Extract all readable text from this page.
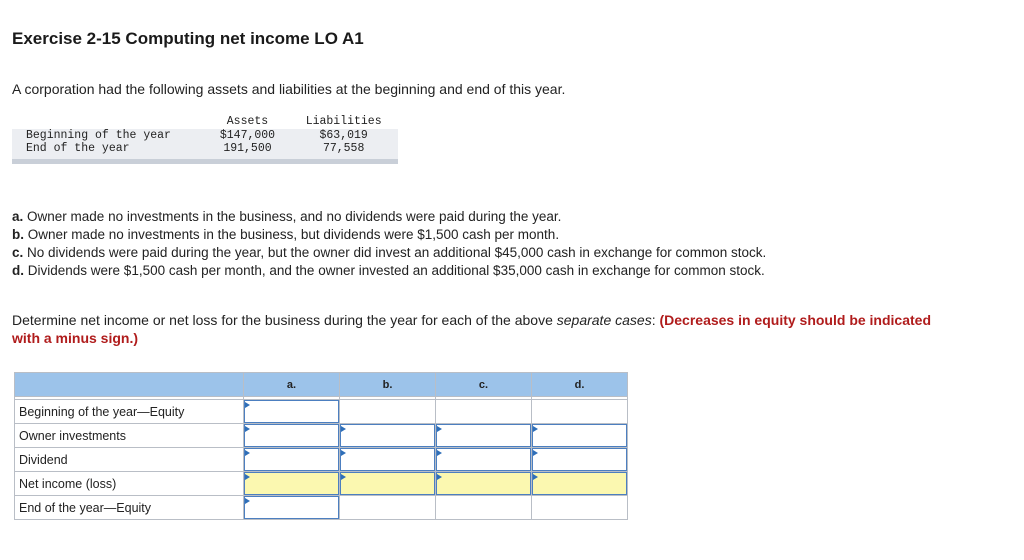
Exercise 2-15 Computing net income LO A1
A corporation had the following assets and liabilities at the beginning and end of this year.
	Assets	Liabilities
Beginning of the year	$147,000	$63,019
End of the year	191,500	77,558
a. Owner made no investments in the business, and no dividends were paid during the year.
b. Owner made no investments in the business, but dividends were $1,500 cash per month.
c. No dividends were paid during the year, but the owner did invest an additional $45,000 cash in exchange for common stock.
d. Dividends were $1,500 cash per month, and the owner invested an additional $35,000 cash in exchange for common stock.
Determine net income or net loss for the business during the year for each of the above separate cases: (Decreases in equity should be indicated with a minus sign.)
	a.	b.	c.	d.

Beginning of the year—Equity				
Owner investments				
Dividend				
Net income (loss)				
End of the year—Equity				
